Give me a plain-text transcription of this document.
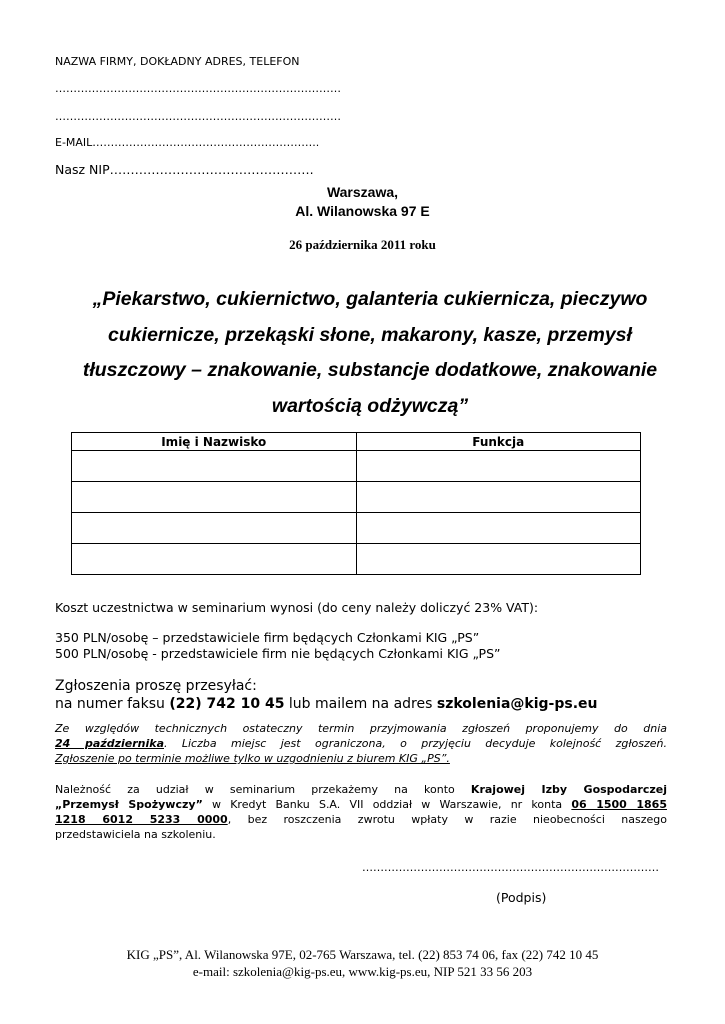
NAZWA FIRMY, DOKŁADNY ADRES, TELEFON
……………………………………………………………………
……………………………………………………………………
E-MAIL……………………………………………………..
Nasz NIP………………………………………….
Warszawa,
Al. Wilanowska 97 E
26 października 2011 roku
„Piekarstwo, cukiernictwo, galanteria cukiernicza, pieczywo
cukiernicze, przekąski słone, makarony, kasze, przemysł
tłuszczowy – znakowanie, substancje dodatkowe, znakowanie
wartością odżywczą”
Imię i Nazwisko	Funkcja

Koszt uczestnictwa w seminarium wynosi (do ceny należy doliczyć 23% VAT):
350 PLN/osobę – przedstawiciele firm będących Członkami KIG „PS”
500 PLN/osobę - przedstawiciele firm nie będących Członkami KIG „PS”
Zgłoszenia proszę przesyłać:
na numer faksu (22) 742 10 45 lub mailem na adres szkolenia@kig-ps.eu
Ze względów technicznych ostateczny termin przyjmowania zgłoszeń proponujemy do dnia
24 października. Liczba miejsc jest ograniczona, o przyjęciu decyduje kolejność zgłoszeń.
Zgłoszenie po terminie możliwe tylko w uzgodnieniu z biurem KIG „PS”.
Należność za udział w seminarium przekażemy na konto Krajowej Izby Gospodarczej
„Przemysł Spożywczy” w Kredyt Banku S.A. VII oddział w Warszawie, nr konta 06 1500 1865
1218 6012 5233 0000, bez roszczenia zwrotu wpłaty w razie nieobecności naszego
przedstawiciela na szkoleniu.
………………………………………………………………………
(Podpis)
KIG „PS”, Al. Wilanowska 97E, 02-765 Warszawa, tel. (22) 853 74 06, fax (22) 742 10 45
e-mail: szkolenia@kig-ps.eu, www.kig-ps.eu, NIP 521 33 56 203
